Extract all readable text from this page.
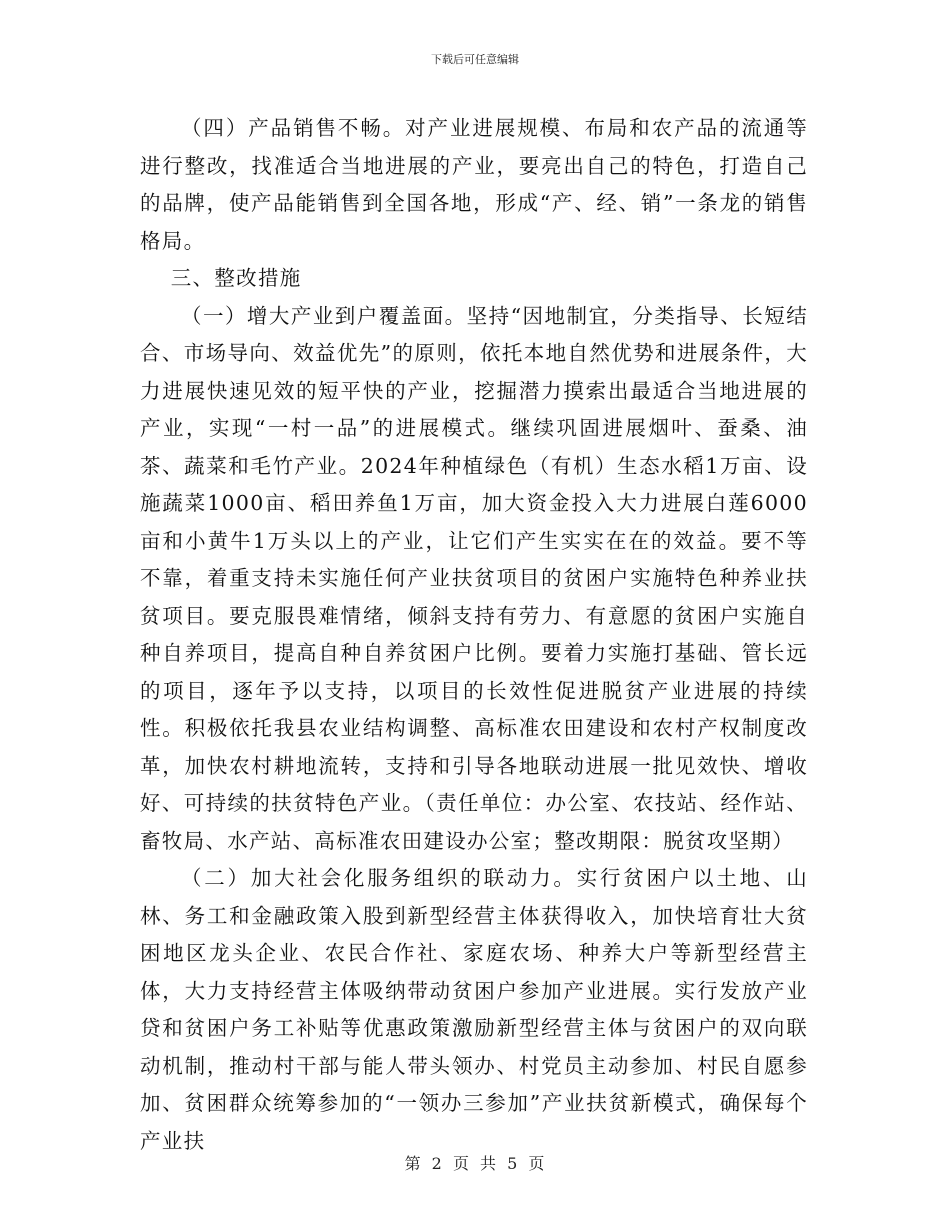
下载后可任意编辑

（四）产品销售不畅。对产业进展规模、布局和农产品的流通等进行整改，找准适合当地进展的产业，要亮出自己的特色，打造自己的品牌，使产品能销售到全国各地，形成“产、经、销”一条龙的销售格局。

三、整改措施

（一）增大产业到户覆盖面。坚持“因地制宜，分类指导、长短结合、市场导向、效益优先”的原则，依托本地自然优势和进展条件，大力进展快速见效的短平快的产业，挖掘潜力摸索出最适合当地进展的产业，实现“一村一品”的进展模式。继续巩固进展烟叶、蚕桑、油茶、蔬菜和毛竹产业。2024年种植绿色（有机）生态水稻1万亩、设施蔬菜1000亩、稻田养鱼1万亩，加大资金投入大力进展白莲6000亩和小黄牛1万头以上的产业，让它们产生实实在在的效益。要不等不靠，着重支持未实施任何产业扶贫项目的贫困户实施特色种养业扶贫项目。要克服畏难情绪，倾斜支持有劳力、有意愿的贫困户实施自种自养项目，提高自种自养贫困户比例。要着力实施打基础、管长远的项目，逐年予以支持，以项目的长效性促进脱贫产业进展的持续性。积极依托我县农业结构调整、高标准农田建设和农村产权制度改革，加快农村耕地流转，支持和引导各地联动进展一批见效快、增收好、可持续的扶贫特色产业。（责任单位：办公室、农技站、经作站、畜牧局、水产站、高标准农田建设办公室；整改期限：脱贫攻坚期）

（二）加大社会化服务组织的联动力。实行贫困户以土地、山林、务工和金融政策入股到新型经营主体获得收入，加快培育壮大贫困地区龙头企业、农民合作社、家庭农场、种养大户等新型经营主体，大力支持经营主体吸纳带动贫困户参加产业进展。实行发放产业贷和贫困户务工补贴等优惠政策激励新型经营主体与贫困户的双向联动机制，推动村干部与能人带头领办、村党员主动参加、村民自愿参加、贫困群众统筹参加的“一领办三参加”产业扶贫新模式，确保每个产业扶

第 2 页 共 5 页
